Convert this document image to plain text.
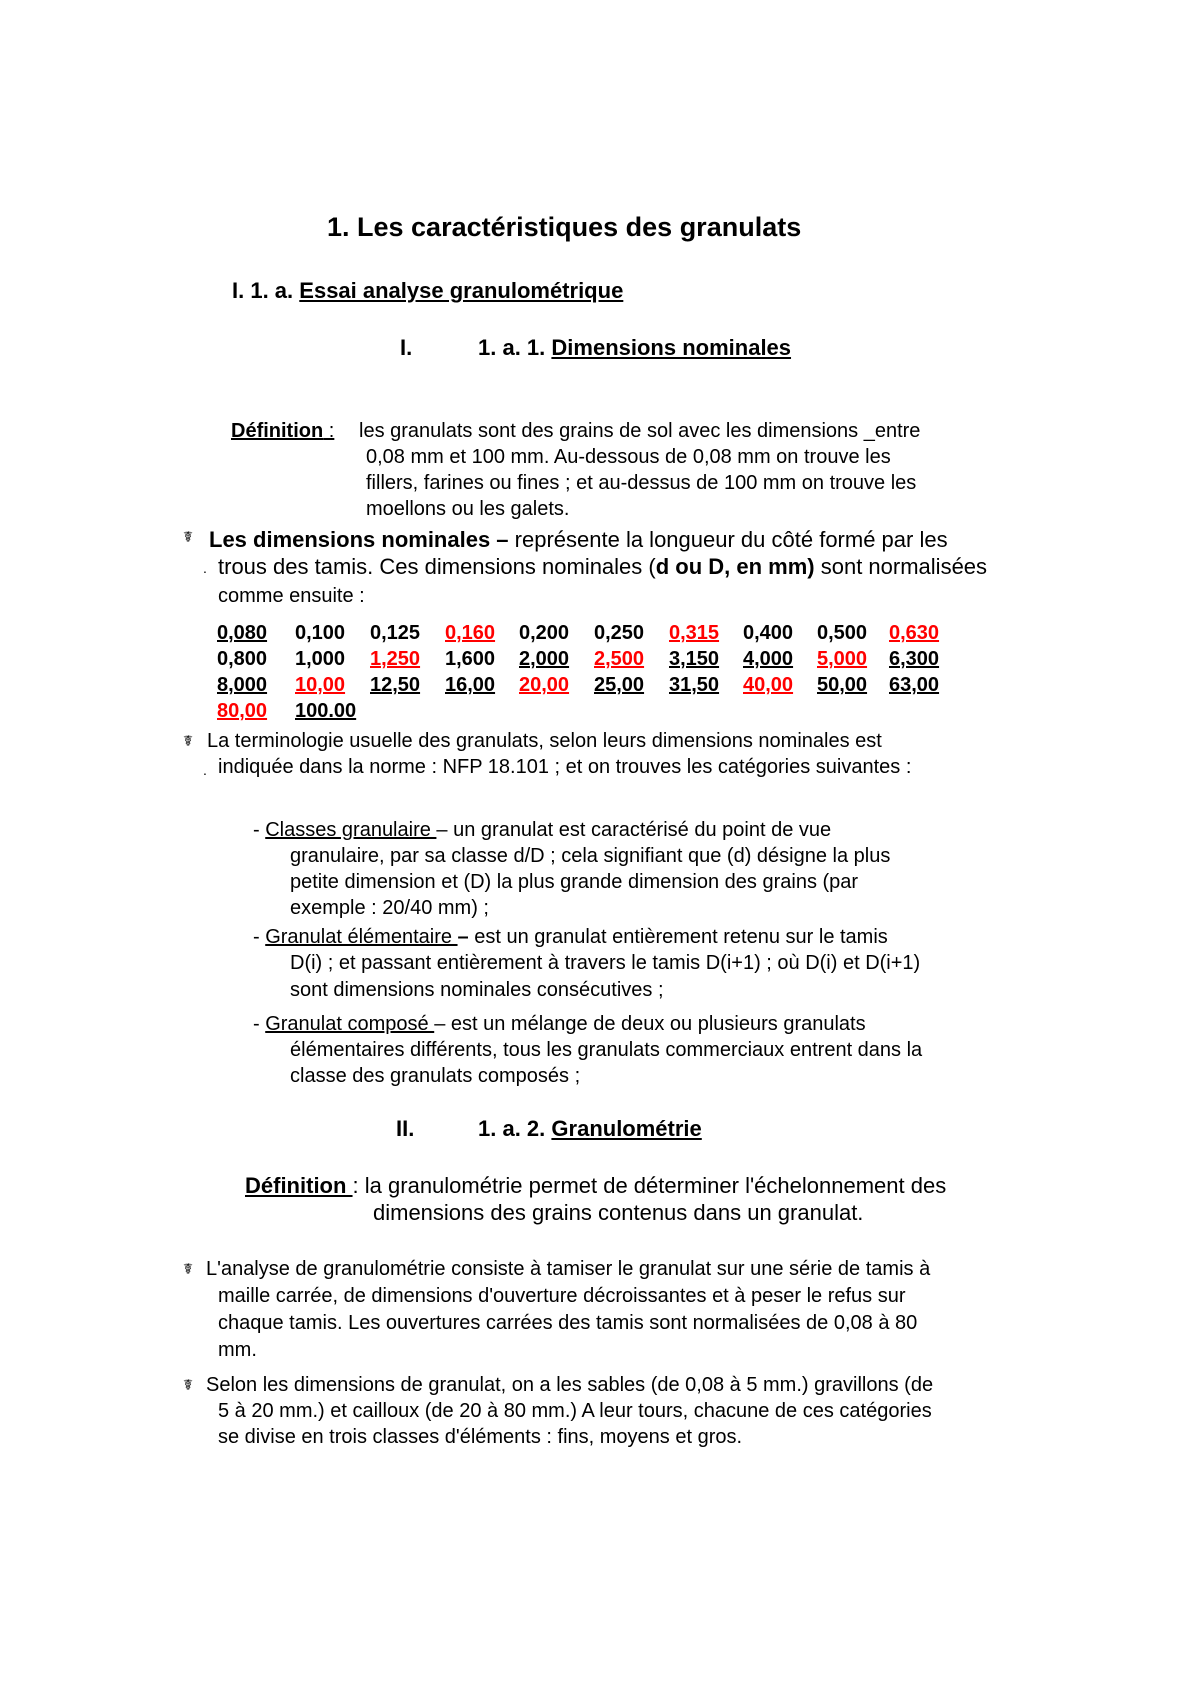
1. Les caractéristiques des granulats
I. 1. a. Essai analyse granulométrique
I.	1. a. 1. Dimensions nominales
Définition : les granulats sont des grains de sol avec les dimensions _entre
0,08 mm et 100 mm. Au-dessous de 0,08 mm on trouve les
fillers, farines ou fines ; et au-dessus de 100 mm on trouve les
moellons ou les galets.
☤ Les dimensions nominales – représente la longueur du côté formé par les
. trous des tamis. Ces dimensions nominales (d ou D, en mm) sont normalisées
comme ensuite :
0,080 0,100 0,125 0,160 0,200 0,250 0,315 0,400 0,500 0,630
0,800 1,000 1,250 1,600 2,000 2,500 3,150 4,000 5,000 6,300
8,000 10,00 12,50 16,00 20,00 25,00 31,50 40,00 50,00 63,00
80,00 100.00
☤ La terminologie usuelle des granulats, selon leurs dimensions nominales est
. indiquée dans la norme : NFP 18.101 ; et on trouves les catégories suivantes :
- Classes granulaire – un granulat est caractérisé du point de vue
granulaire, par sa classe d/D ; cela signifiant que (d) désigne la plus
petite dimension et (D) la plus grande dimension des grains (par
exemple : 20/40 mm) ;
- Granulat élémentaire – est un granulat entièrement retenu sur le tamis
D(i) ; et passant entièrement à travers le tamis D(i+1) ; où D(i) et D(i+1)
sont dimensions nominales consécutives ;
- Granulat composé – est un mélange de deux ou plusieurs granulats
élémentaires différents, tous les granulats commerciaux entrent dans la
classe des granulats composés ;
II.	1. a. 2. Granulométrie
Définition : la granulométrie permet de déterminer l'échelonnement des
dimensions des grains contenus dans un granulat.
☤ L'analyse de granulométrie consiste à tamiser le granulat sur une série de tamis à
maille carrée, de dimensions d'ouverture décroissantes et à peser le refus sur
chaque tamis. Les ouvertures carrées des tamis sont normalisées de 0,08 à 80
mm.
☤ Selon les dimensions de granulat, on a les sables (de 0,08 à 5 mm.) gravillons (de
5 à 20 mm.) et cailloux (de 20 à 80 mm.) A leur tours, chacune de ces catégories
se divise en trois classes d'éléments : fins, moyens et gros.
